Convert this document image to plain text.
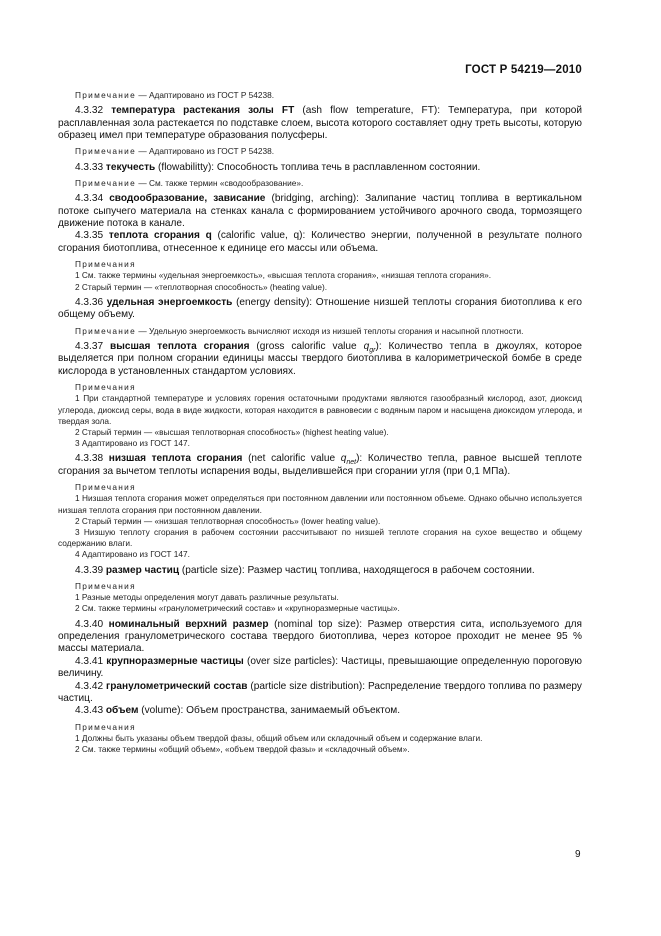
ГОСТ Р 54219—2010

Примечание — Адаптировано из ГОСТ Р 54238.

4.3.32 температура растекания золы FT (ash flow temperature, FT): Температура, при которой расплавленная зола растекается по подставке слоем, высота которого составляет одну треть высоты, которую образец имел при температуре образования полусферы.

Примечание — Адаптировано из ГОСТ Р 54238.

4.3.33 текучесть (flowabilitty): Способность топлива течь в расплавленном состоянии.

Примечание — См. также термин «сводообразование».

4.3.34 сводообразование, зависание (bridging, arching): Залипание частиц топлива в вертикальном потоке сыпучего материала на стенках канала с формированием устойчивого арочного свода, тормозящего движение потока в канале.

4.3.35 теплота сгорания q (calorific value, q): Количество энергии, полученной в результате полного сгорания биотоплива, отнесенное к единице его массы или объема.

Примечания

1 См. также термины «удельная энергоемкость», «высшая теплота сгорания», «низшая теплота сгорания».

2 Старый термин — «теплотворная способность» (heating value).

4.3.36 удельная энергоемкость (energy density): Отношение низшей теплоты сгорания биотоплива к его общему объему.

Примечание — Удельную энергоемкость вычисляют исходя из низшей теплоты сгорания и насыпной плотности.

4.3.37 высшая теплота сгорания (gross calorific value $q_{gr}$): Количество тепла в джоулях, которое выделяется при полном сгорании единицы массы твердого биотоплива в калориметрической бомбе в среде кислорода в установленных стандартом условиях.

Примечания

1 При стандартной температуре и условиях горения остаточными продуктами являются газообразный кислород, азот, диоксид углерода, диоксид серы, вода в виде жидкости, которая находится в равновесии с водяным паром и насыщена диоксидом углерода, и твердая зола.

2 Старый термин — «высшая теплотворная способность» (highest heating value).

3 Адаптировано из ГОСТ 147.

4.3.38 низшая теплота сгорания (net calorific value $q_{net}$): Количество тепла, равное высшей теплоте сгорания за вычетом теплоты испарения воды, выделившейся при сгорании угля (при 0,1 МПа).

Примечания

1 Низшая теплота сгорания может определяться при постоянном давлении или постоянном объеме. Однако обычно используется низшая теплота сгорания при постоянном давлении.

2 Старый термин — «низшая теплотворная способность» (lower heating value).

3 Низшую теплоту сгорания в рабочем состоянии рассчитывают по низшей теплоте сгорания на сухое вещество и общему содержанию влаги.

4 Адаптировано из ГОСТ 147.

4.3.39 размер частиц (particle size): Размер частиц топлива, находящегося в рабочем состоянии.

Примечания

1 Разные методы определения могут давать различные результаты.

2 См. также термины «гранулометрический состав» и «крупноразмерные частицы».

4.3.40 номинальный верхний размер (nominal top size): Размер отверстия сита, используемого для определения гранулометрического состава твердого биотоплива, через которое проходит не менее 95 % массы материала.

4.3.41 крупноразмерные частицы (over size particles): Частицы, превышающие определенную пороговую величину.

4.3.42 гранулометрический состав (particle size distribution): Распределение твердого топлива по размеру частиц.

4.3.43 объем (volume): Объем пространства, занимаемый объектом.

Примечания

1 Должны быть указаны объем твердой фазы, общий объем или складочный объем и содержание влаги.

2 См. также термины «общий объем», «объем твердой фазы» и «складочный объем».

9
